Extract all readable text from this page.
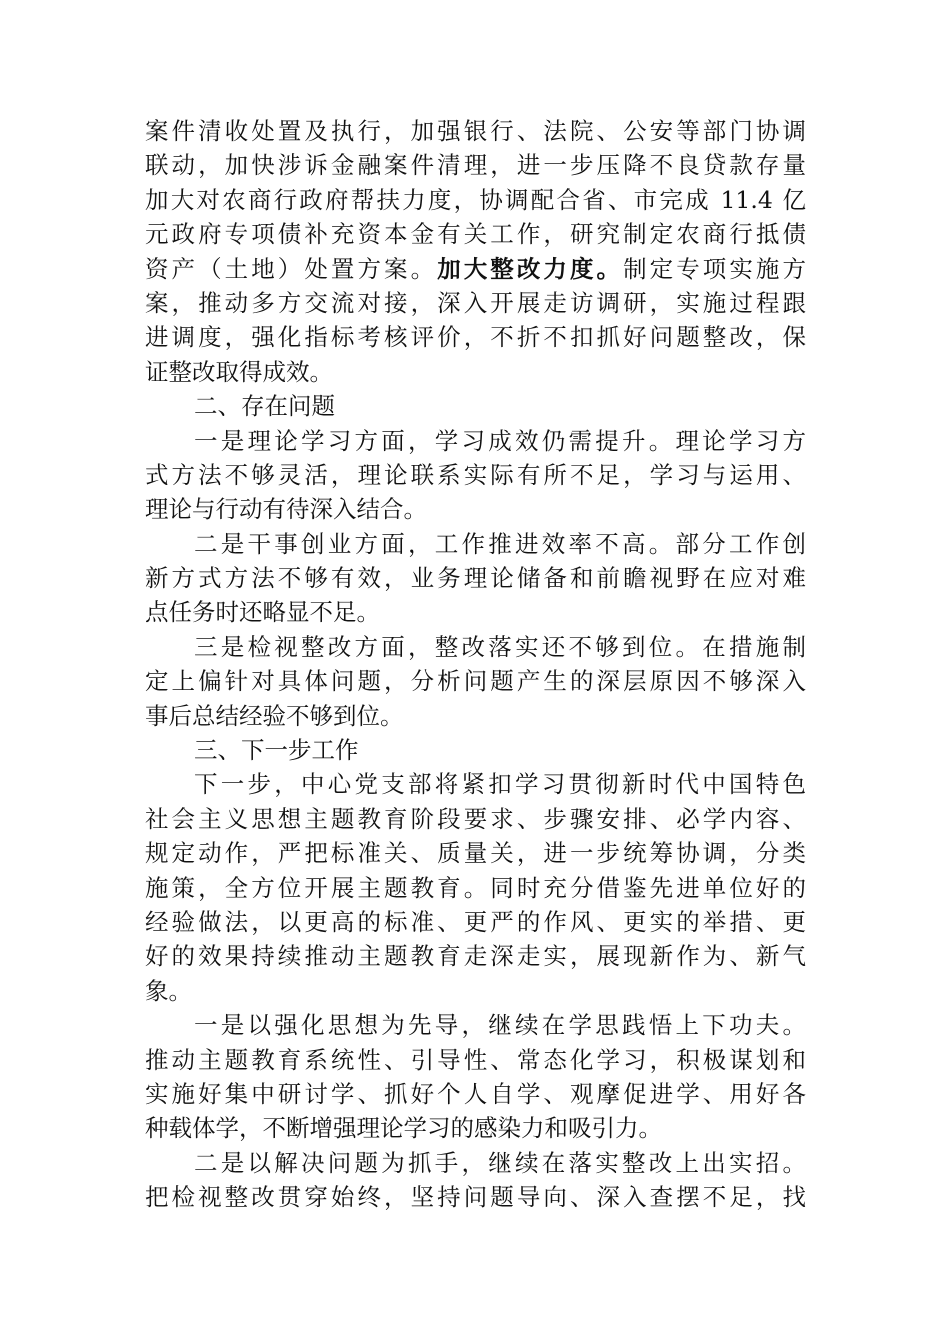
案件清收处置及执行，加强银行、法院、公安等部门协调
联动，加快涉诉金融案件清理，进一步压降不良贷款存量
加大对农商行政府帮扶力度，协调配合省、市完成 11.4 亿
元政府专项债补充资本金有关工作，研究制定农商行抵债
资产（土地）处置方案。加大整改力度。制定专项实施方
案，推动多方交流对接，深入开展走访调研，实施过程跟
进调度，强化指标考核评价，不折不扣抓好问题整改，保
证整改取得成效。
二、存在问题
一是理论学习方面，学习成效仍需提升。理论学习方
式方法不够灵活，理论联系实际有所不足，学习与运用、
理论与行动有待深入结合。
二是干事创业方面，工作推进效率不高。部分工作创
新方式方法不够有效，业务理论储备和前瞻视野在应对难
点任务时还略显不足。
三是检视整改方面，整改落实还不够到位。在措施制
定上偏针对具体问题，分析问题产生的深层原因不够深入
事后总结经验不够到位。
三、下一步工作
下一步，中心党支部将紧扣学习贯彻新时代中国特色
社会主义思想主题教育阶段要求、步骤安排、必学内容、
规定动作，严把标准关、质量关，进一步统筹协调，分类
施策，全方位开展主题教育。同时充分借鉴先进单位好的
经验做法，以更高的标准、更严的作风、更实的举措、更
好的效果持续推动主题教育走深走实，展现新作为、新气
象。
一是以强化思想为先导，继续在学思践悟上下功夫。
推动主题教育系统性、引导性、常态化学习，积极谋划和
实施好集中研讨学、抓好个人自学、观摩促进学、用好各
种载体学，不断增强理论学习的感染力和吸引力。
二是以解决问题为抓手，继续在落实整改上出实招。
把检视整改贯穿始终，坚持问题导向、深入查摆不足，找
